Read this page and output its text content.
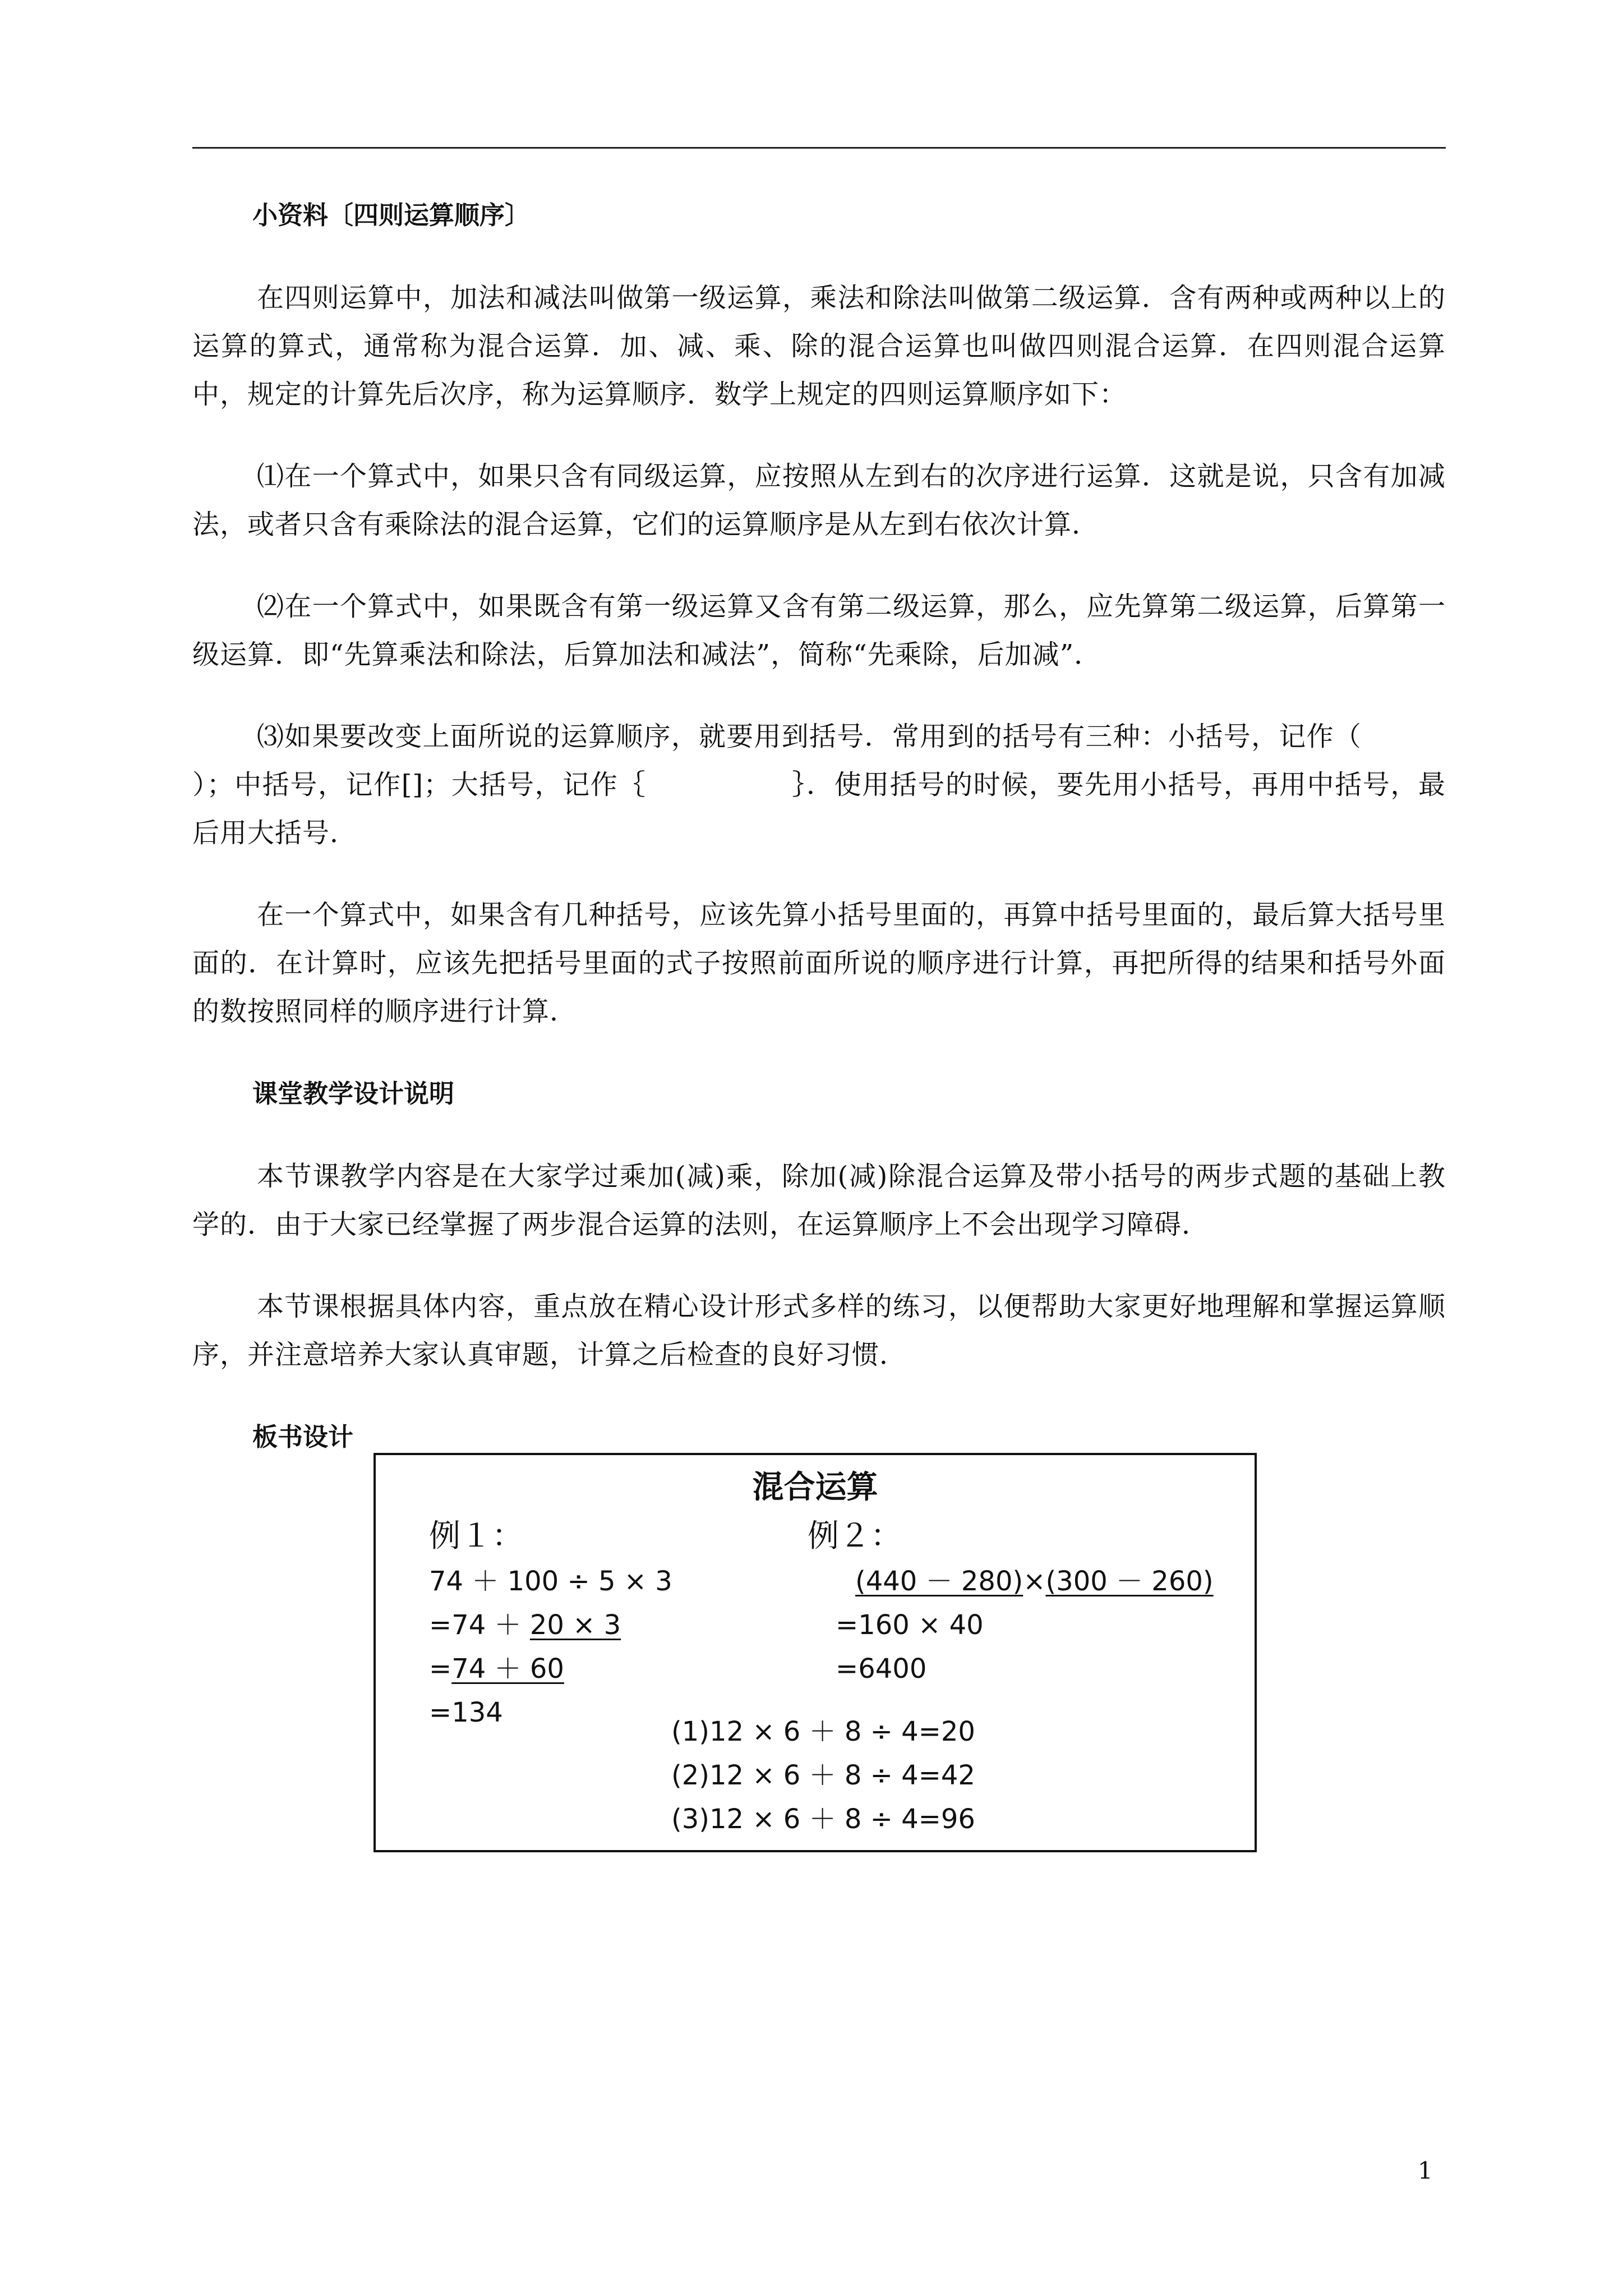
小资料〔四则运算顺序〕

在四则运算中，加法和减法叫做第一级运算，乘法和除法叫做第二级运算．含有两种或两种以上的运算的算式，通常称为混合运算．加、减、乘、除的混合运算也叫做四则混合运算．在四则混合运算中，规定的计算先后次序，称为运算顺序．数学上规定的四则运算顺序如下：

⑴在一个算式中，如果只含有同级运算，应按照从左到右的次序进行运算．这就是说，只含有加减法，或者只含有乘除法的混合运算，它们的运算顺序是从左到右依次计算．

⑵在一个算式中，如果既含有第一级运算又含有第二级运算，那么，应先算第二级运算，后算第一级运算．即“先算乘法和除法，后算加法和减法”，简称“先乘除，后加减”．

⑶如果要改变上面所说的运算顺序，就要用到括号．常用到的括号有三种：小括号，记作（）；中括号，记作[]；大括号，记作｛	｝．使用括号的时候，要先用小括号，再用中括号，最后用大括号．

在一个算式中，如果含有几种括号，应该先算小括号里面的，再算中括号里面的，最后算大括号里面的．在计算时，应该先把括号里面的式子按照前面所说的顺序进行计算，再把所得的结果和括号外面的数按照同样的顺序进行计算．

课堂教学设计说明

本节课教学内容是在大家学过乘加(减)乘，除加(减)除混合运算及带小括号的两步式题的基础上教学的．由于大家已经掌握了两步混合运算的法则，在运算顺序上不会出现学习障碍．

本节课根据具体内容，重点放在精心设计形式多样的练习，以便帮助大家更好地理解和掌握运算顺序，并注意培养大家认真审题，计算之后检查的良好习惯．

板书设计
混合运算
例１：
74 ＋ 100 ÷ 5 × 3
=74 ＋ 20 × 3
=74 ＋ 60
=134
例２：
(440 － 280)×(300 － 260)
=160 × 40
=6400
(1)12 × 6 ＋ 8 ÷ 4=20
(2)12 × 6 ＋ 8 ÷ 4=42
(3)12 × 6 ＋ 8 ÷ 4=96
1
